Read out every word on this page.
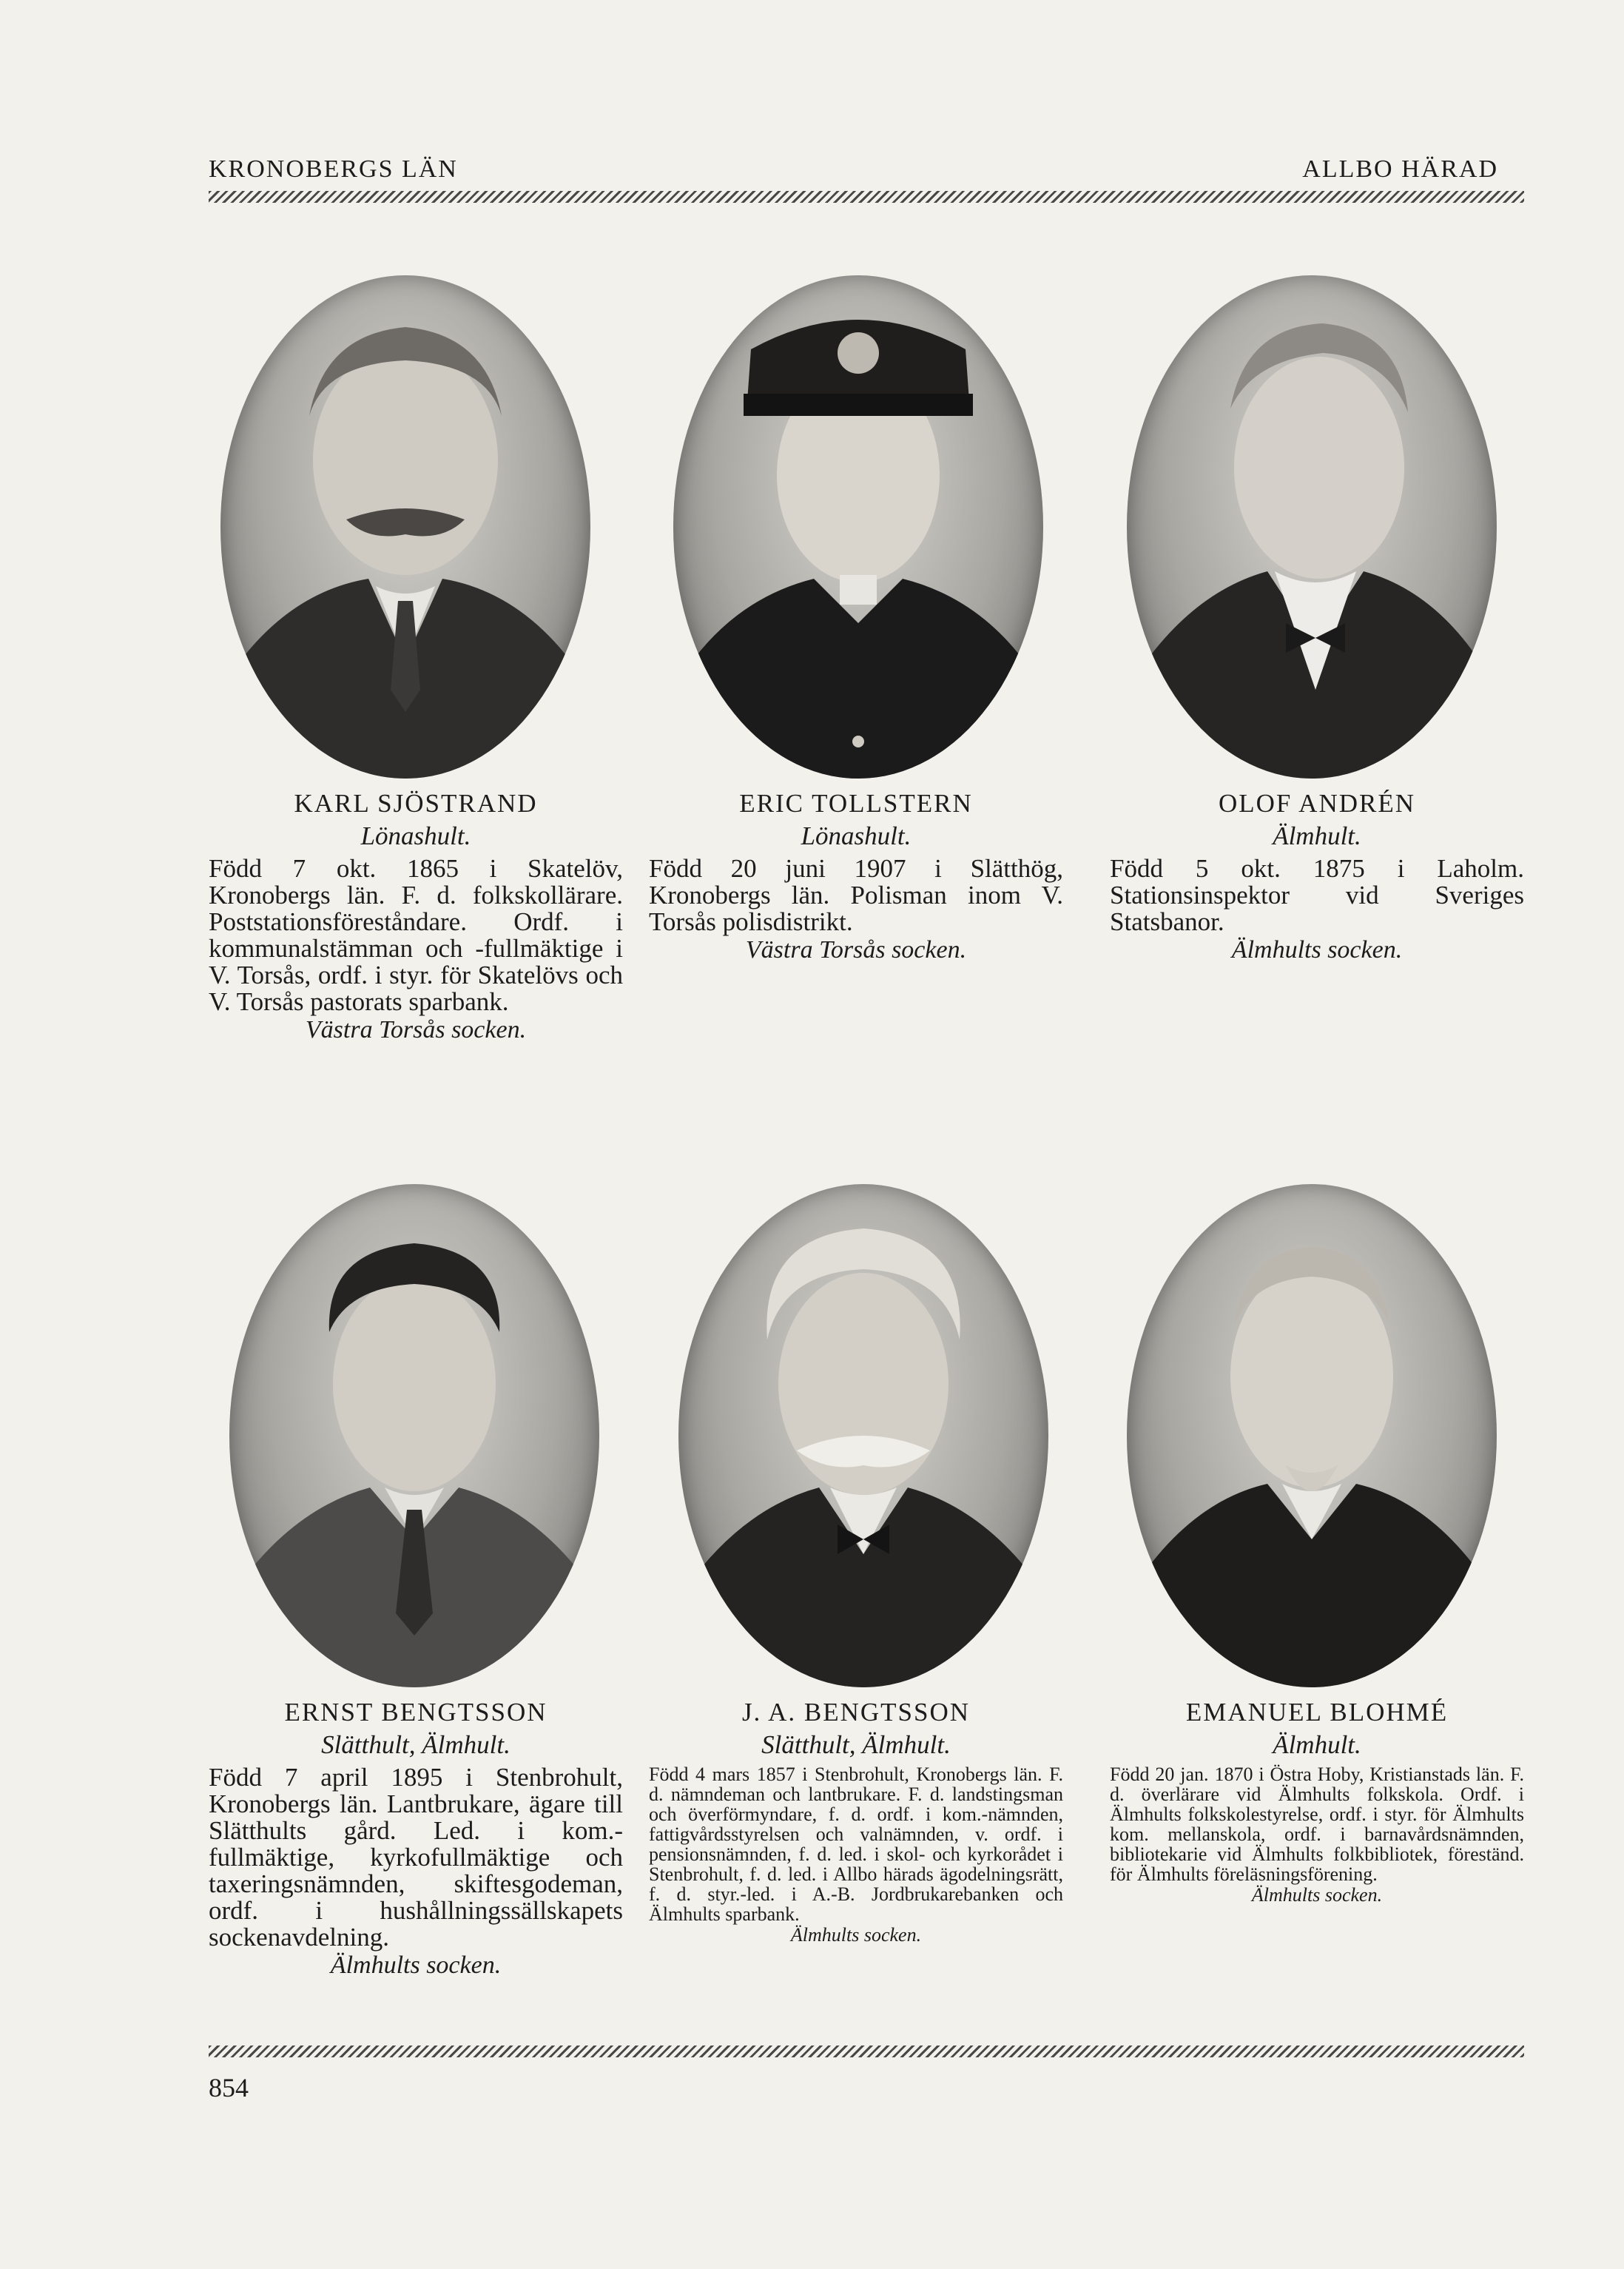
KRONOBERGS LÄN	ALLBO HÄRAD
KARL SJÖSTRAND
Lönashult.
Född 7 okt. 1865 i Skatelöv, Kronobergs län. F. d. folkskollärare. Poststationsföreståndare. Ordf. i kommunalstämman och -fullmäktige i V. Torsås, ordf. i styr. för Skatelövs och V. Torsås pastorats sparbank.
Västra Torsås socken.
ERIC TOLLSTERN
Lönashult.
Född 20 juni 1907 i Slätthög, Kronobergs län. Polisman inom V. Torsås polisdistrikt.
Västra Torsås socken.
OLOF ANDRÉN
Älmhult.
Född 5 okt. 1875 i Laholm. Stationsinspektor vid Sveriges Statsbanor.
Älmhults socken.
ERNST BENGTSSON
Slätthult, Älmhult.
Född 7 april 1895 i Stenbrohult, Kronobergs län. Lantbrukare, ägare till Slätthults gård. Led. i kom.-fullmäktige, kyrkofullmäktige och taxeringsnämnden, skiftesgodeman, ordf. i hushållningssällskapets sockenavdelning.
Älmhults socken.
J. A. BENGTSSON
Slätthult, Älmhult.
Född 4 mars 1857 i Stenbrohult, Kronobergs län. F. d. nämndeman och lantbrukare. F. d. landstingsman och överförmyndare, f. d. ordf. i kom.-nämnden, fattigvårdsstyrelsen och valnämnden, v. ordf. i pensionsnämnden, f. d. led. i skol- och kyrkorådet i Stenbrohult, f. d. led. i Allbo härads ägodelningsrätt, f. d. styr.-led. i A.-B. Jordbrukarebanken och Älmhults sparbank.
Älmhults socken.
EMANUEL BLOHMÉ
Älmhult.
Född 20 jan. 1870 i Östra Hoby, Kristianstads län. F. d. överlärare vid Älmhults folkskola. Ordf. i Älmhults folkskolestyrelse, ordf. i styr. för Älmhults kom. mellanskola, ordf. i barnavårdsnämnden, bibliotekarie vid Älmhults folkbibliotek, föreständ. för Älmhults föreläsningsförening.
Älmhults socken.
854
